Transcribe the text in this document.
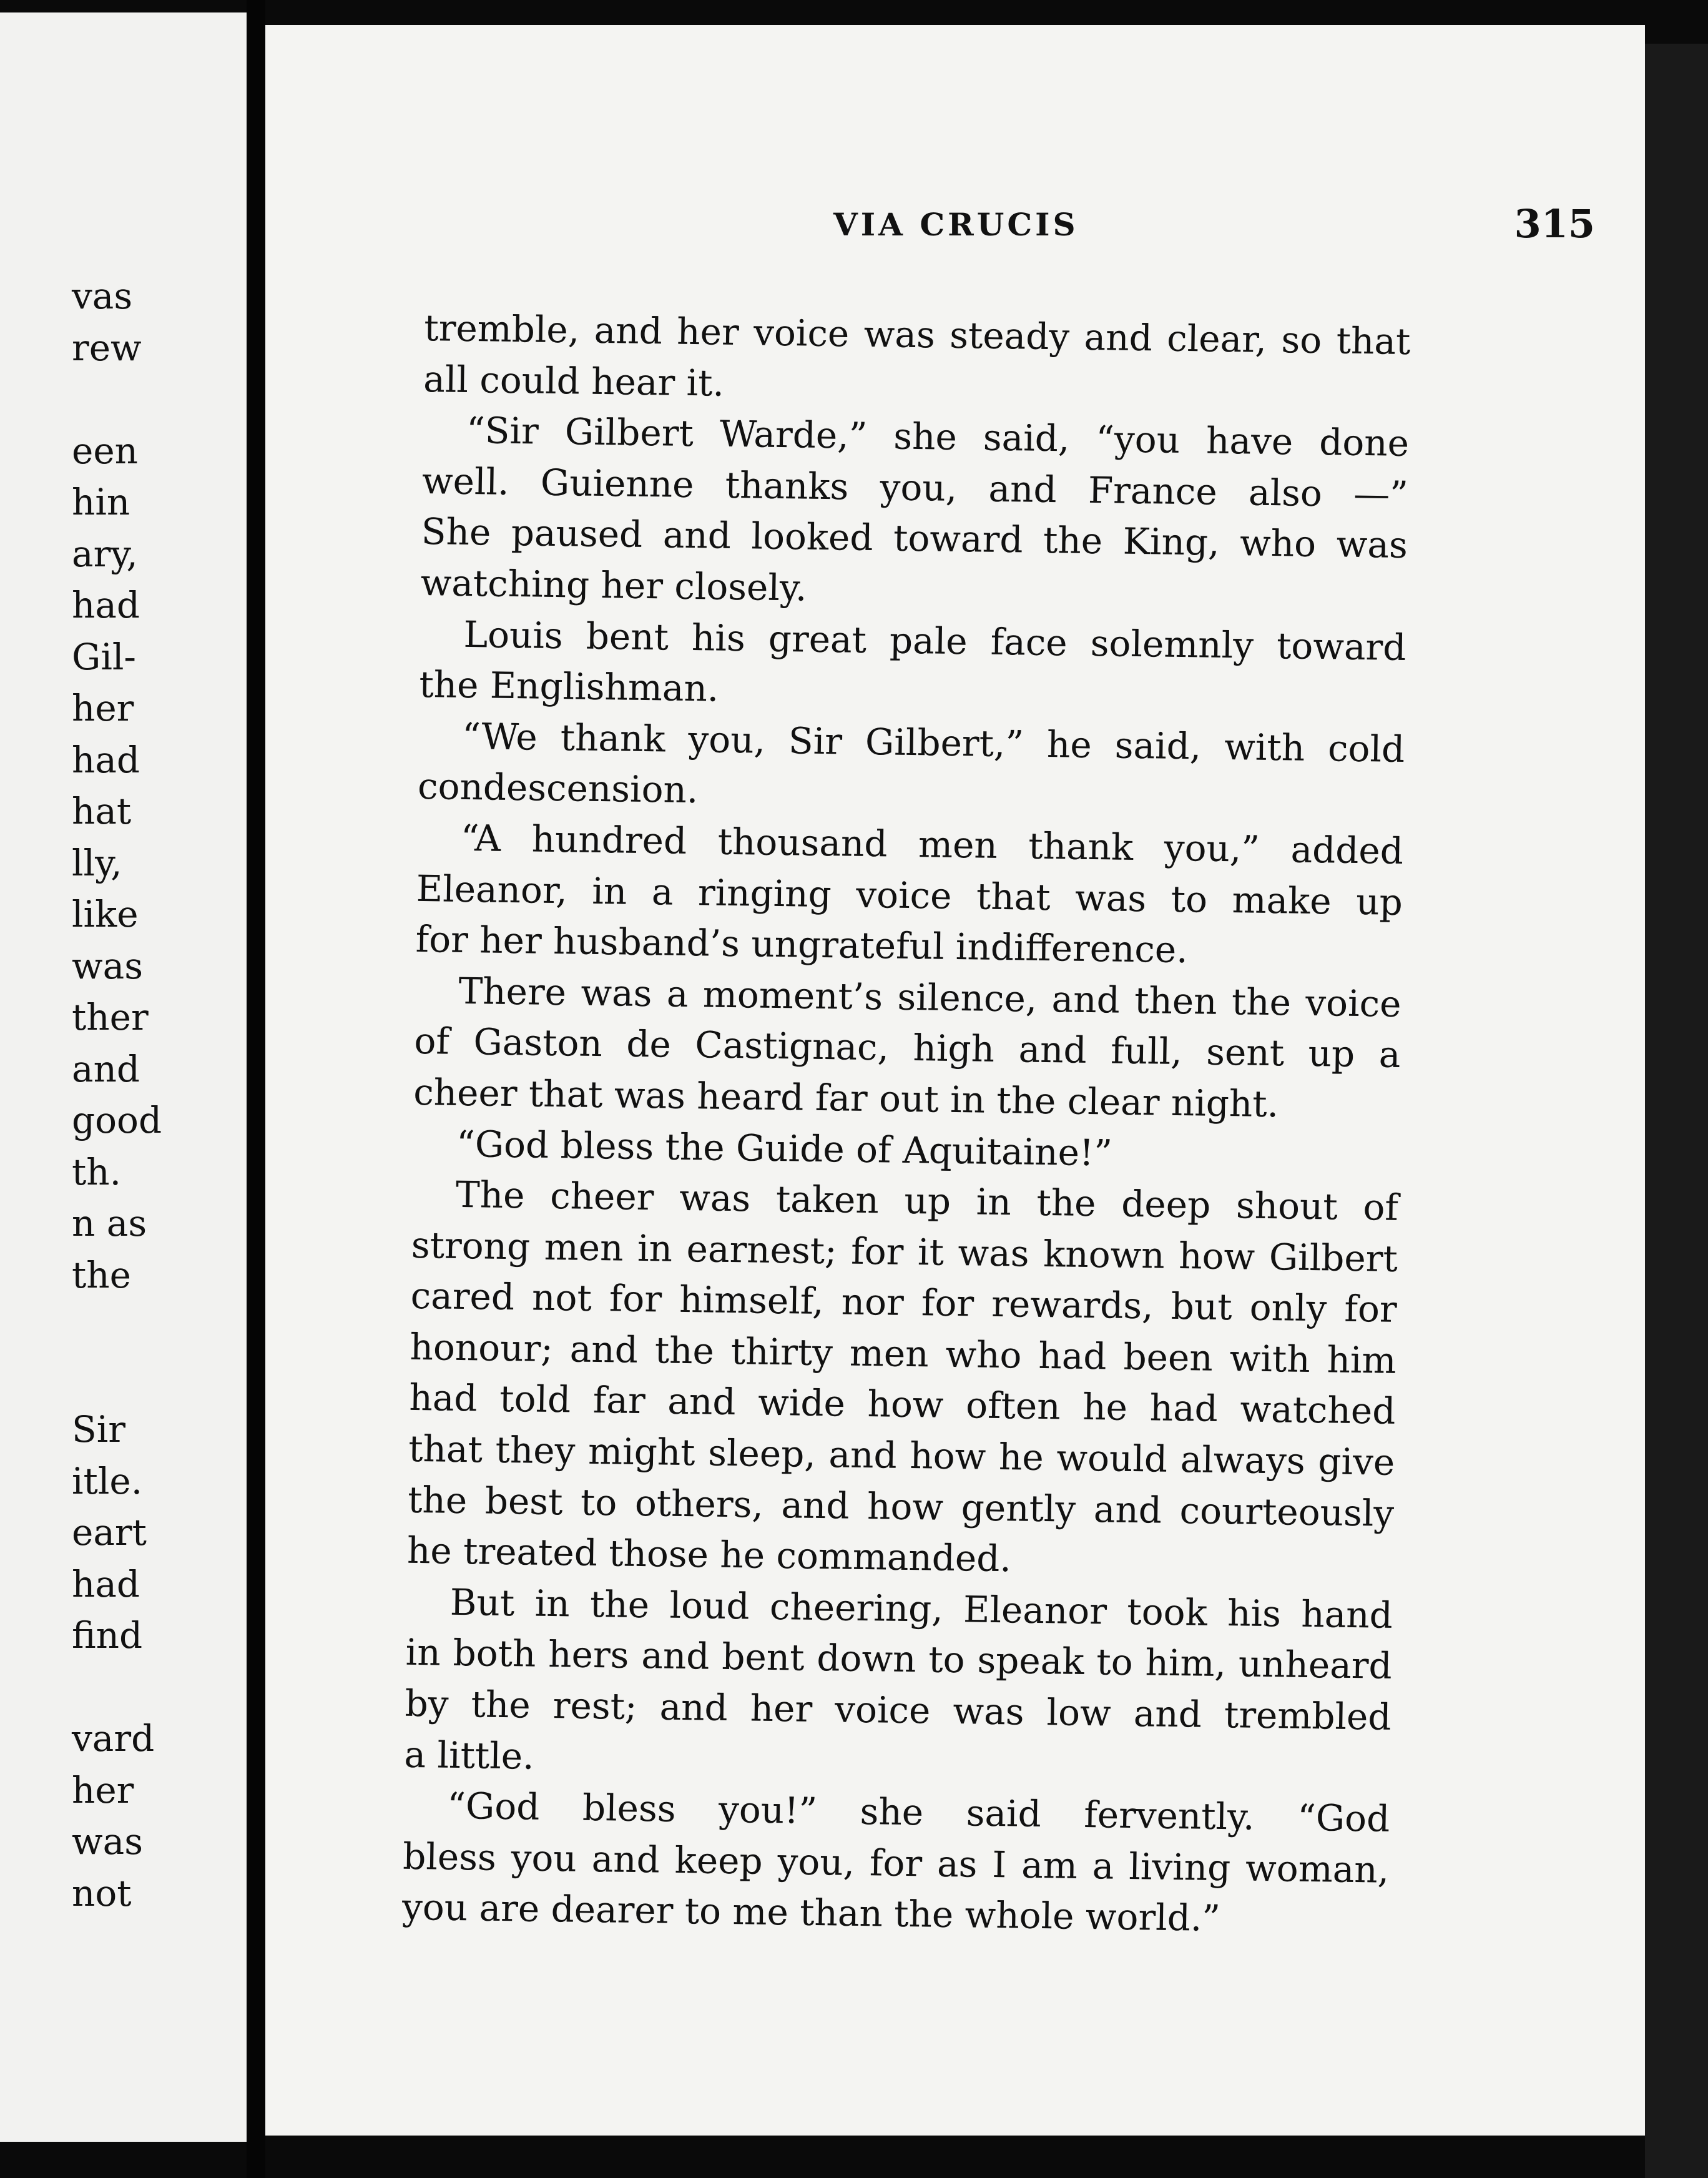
vas
rew
een
hin
ary,
had
Gil-
her
had
hat
lly,
like
was
ther
and
good
th.
n as
the
Sir
itle.
eart
had
find
vard
her
was
not
VIA CRUCIS	315

tremble, and her voice was steady and clear, so that
all could hear it.

“Sir Gilbert Warde,” she said, “you have done
well. Guienne thanks you, and France also —”
She paused and looked toward the King, who was
watching her closely.

Louis bent his great pale face solemnly toward
the Englishman.

“We thank you, Sir Gilbert,” he said, with cold
condescension.

“A hundred thousand men thank you,” added
Eleanor, in a ringing voice that was to make up
for her husband’s ungrateful indifference.

There was a moment’s silence, and then the voice
of Gaston de Castignac, high and full, sent up a
cheer that was heard far out in the clear night.

“God bless the Guide of Aquitaine!”

The cheer was taken up in the deep shout of
strong men in earnest; for it was known how Gilbert
cared not for himself, nor for rewards, but only for
honour; and the thirty men who had been with him
had told far and wide how often he had watched
that they might sleep, and how he would always give
the best to others, and how gently and courteously
he treated those he commanded.

But in the loud cheering, Eleanor took his hand
in both hers and bent down to speak to him, unheard
by the rest; and her voice was low and trembled
a little.

“God bless you!” she said fervently. “God
bless you and keep you, for as I am a living woman,
you are dearer to me than the whole world.”
